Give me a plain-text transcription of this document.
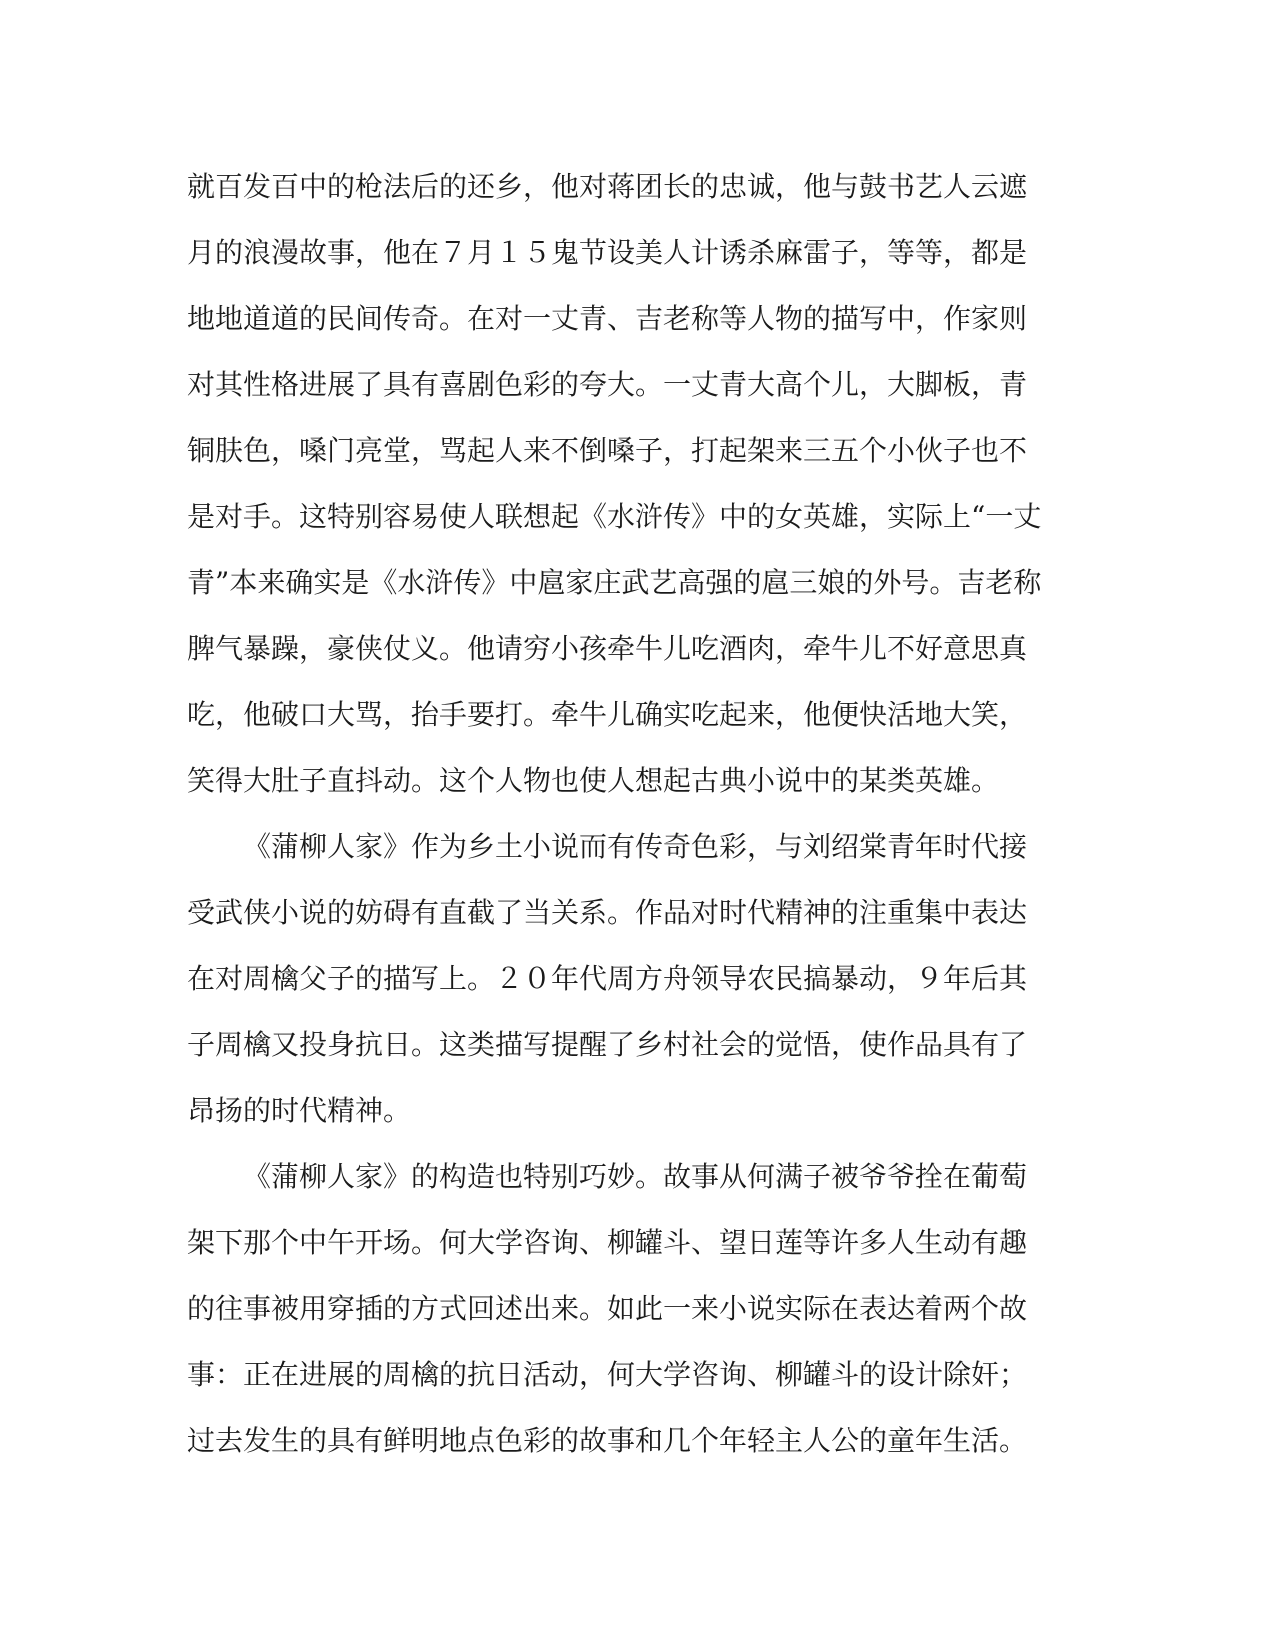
就百发百中的枪法后的还乡，他对蒋团长的忠诚，他与鼓书艺人云遮
月的浪漫故事，他在７月１５鬼节设美人计诱杀麻雷子，等等，都是
地地道道的民间传奇。在对一丈青、吉老称等人物的描写中，作家则
对其性格进展了具有喜剧色彩的夸大。一丈青大高个儿，大脚板，青
铜肤色，嗓门亮堂，骂起人来不倒嗓子，打起架来三五个小伙子也不
是对手。这特别容易使人联想起《水浒传》中的女英雄，实际上“一丈
青”本来确实是《水浒传》中扈家庄武艺高强的扈三娘的外号。吉老称
脾气暴躁，豪侠仗义。他请穷小孩牵牛儿吃酒肉，牵牛儿不好意思真
吃，他破口大骂，抬手要打。牵牛儿确实吃起来，他便快活地大笑，
笑得大肚子直抖动。这个人物也使人想起古典小说中的某类英雄。
《蒲柳人家》作为乡土小说而有传奇色彩，与刘绍棠青年时代接
受武侠小说的妨碍有直截了当关系。作品对时代精神的注重集中表达
在对周檎父子的描写上。２０年代周方舟领导农民搞暴动，９年后其
子周檎又投身抗日。这类描写提醒了乡村社会的觉悟，使作品具有了
昂扬的时代精神。
《蒲柳人家》的构造也特别巧妙。故事从何满子被爷爷拴在葡萄
架下那个中午开场。何大学咨询、柳罐斗、望日莲等许多人生动有趣
的往事被用穿插的方式回述出来。如此一来小说实际在表达着两个故
事：正在进展的周檎的抗日活动，何大学咨询、柳罐斗的设计除奸；
过去发生的具有鲜明地点色彩的故事和几个年轻主人公的童年生活。
